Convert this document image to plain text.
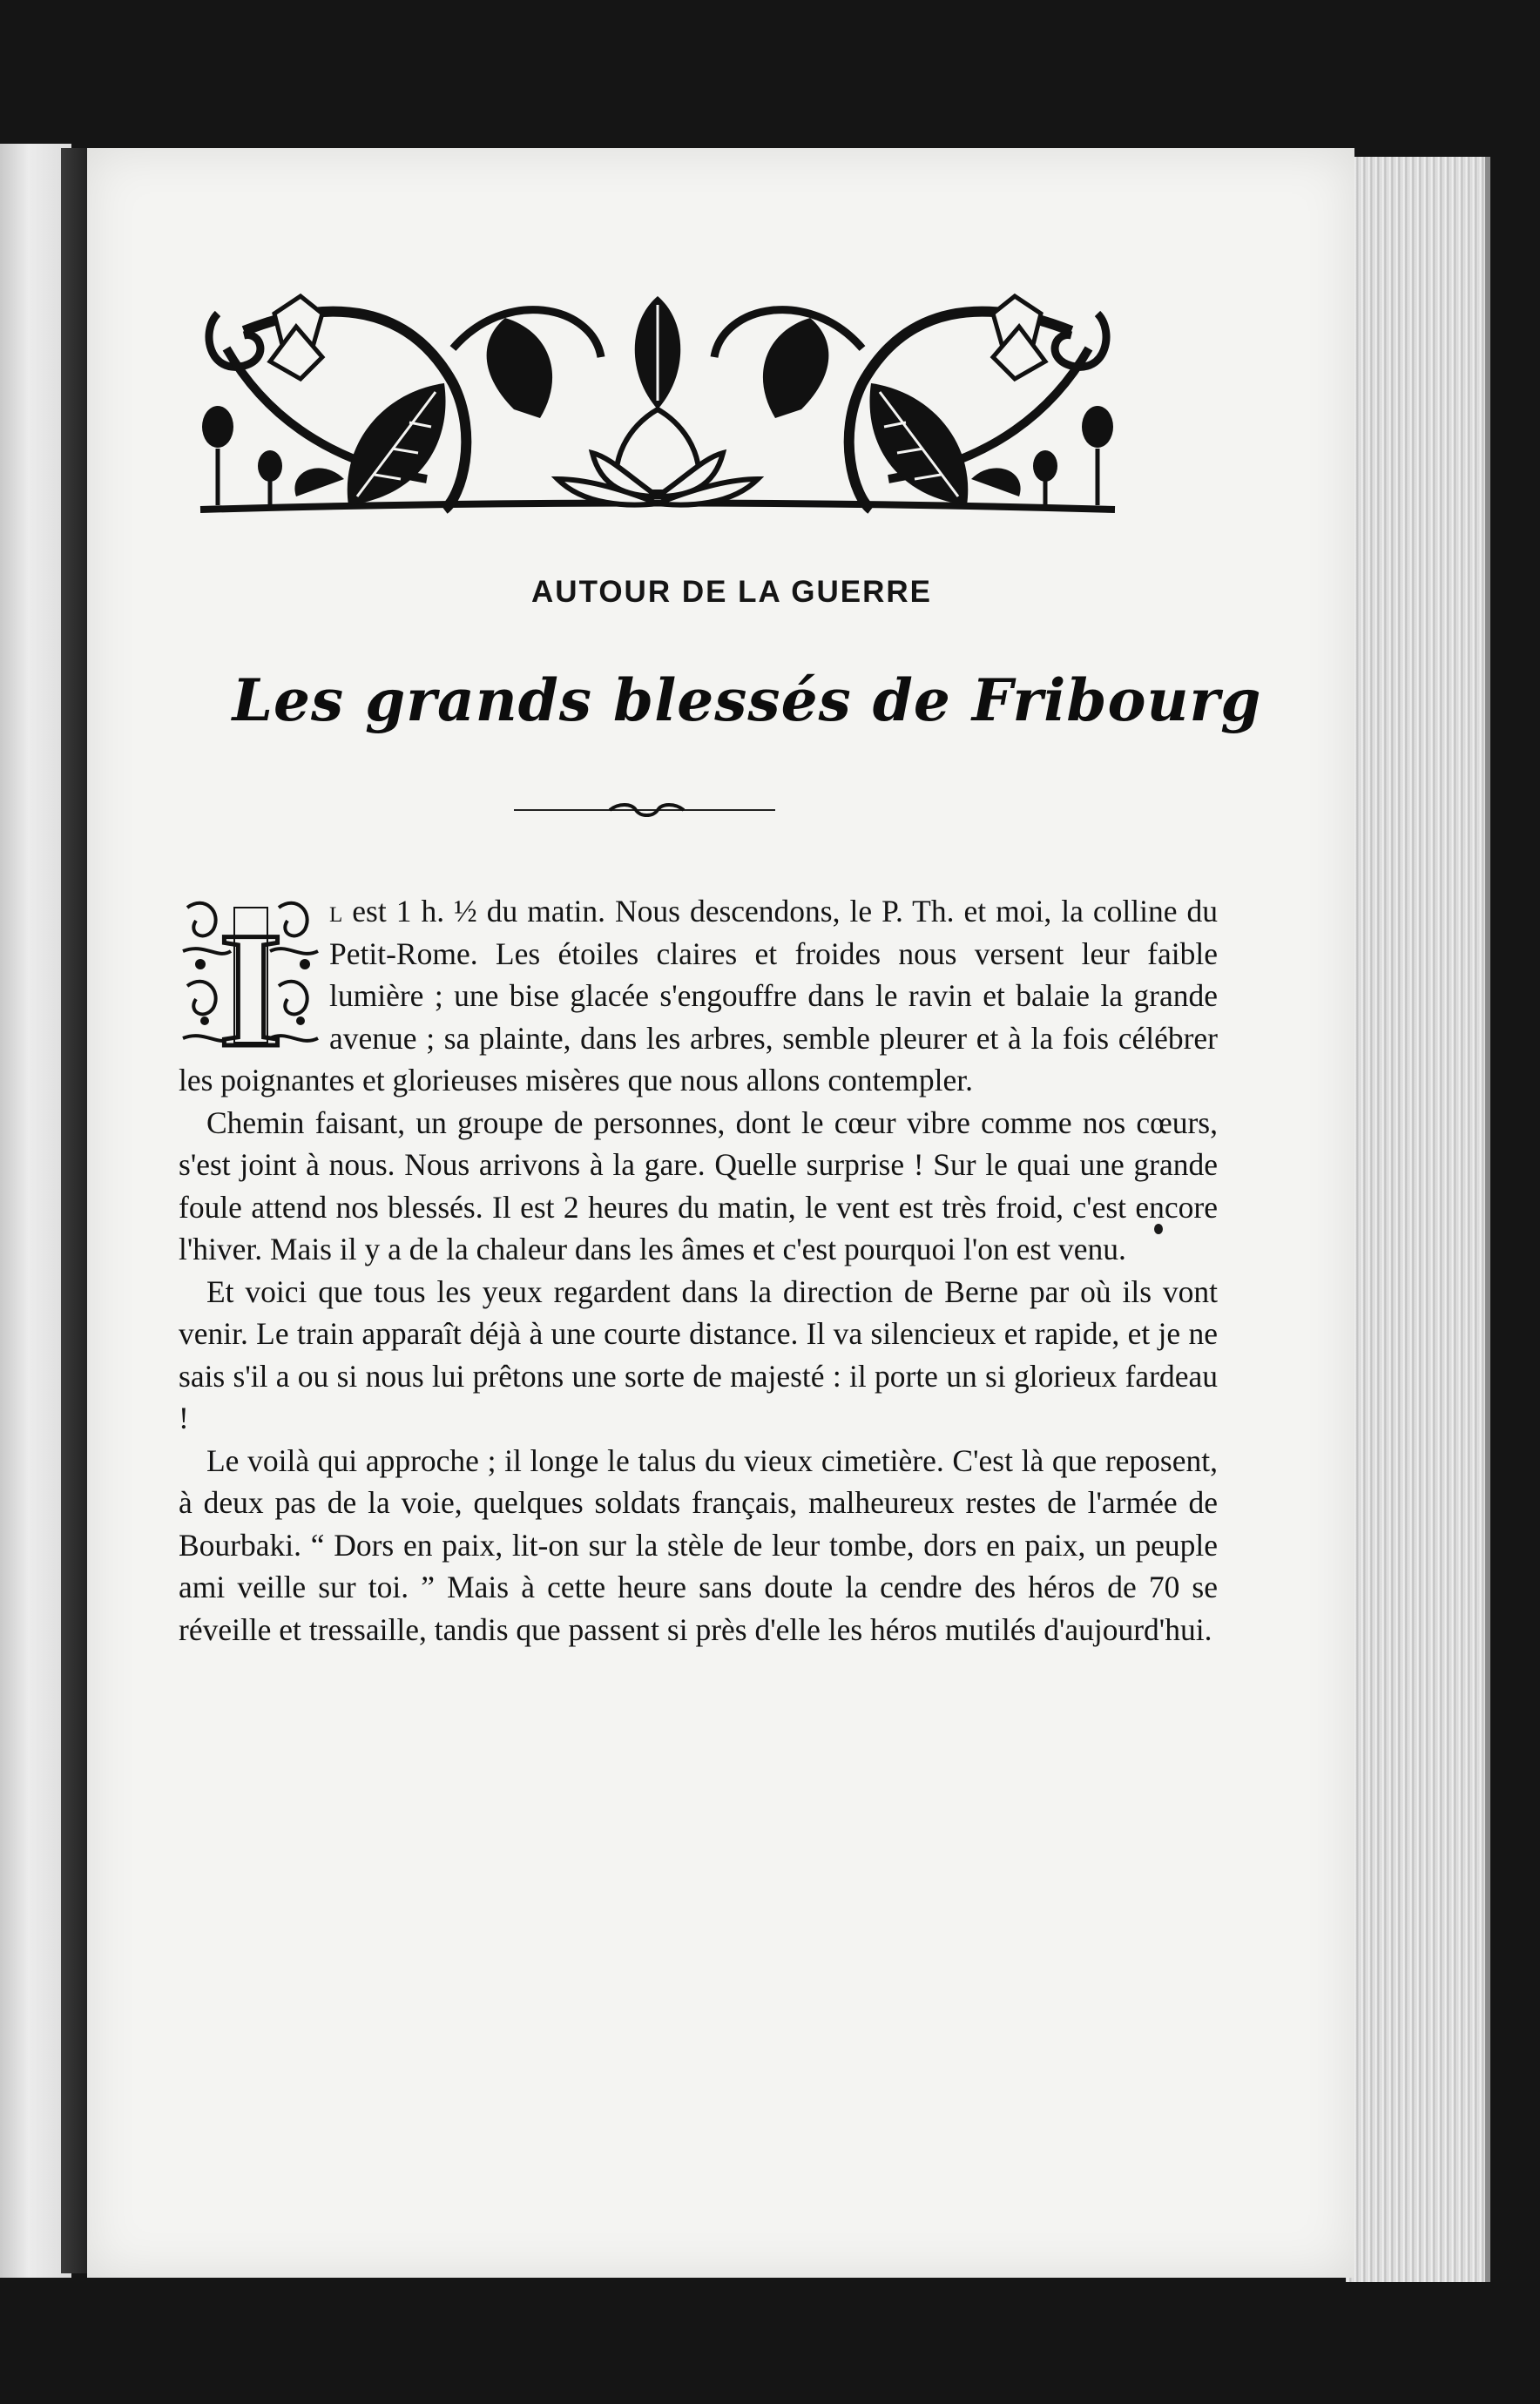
AUTOUR DE LA GUERRE
Les grands blessés de Fribourg
I	l est 1 h. ½ du matin. Nous descendons, le P. Th. et moi, la colline du Petit-Rome. Les étoiles claires et froides nous versent leur faible lumière ; une bise glacée s'engouffre dans le ravin et balaie la grande avenue ; sa plainte, dans les arbres, semble pleurer et à la fois célébrer les poignantes et glorieuses misères que nous allons contempler.

Chemin faisant, un groupe de personnes, dont le cœur vibre comme nos cœurs, s'est joint à nous. Nous arrivons à la gare. Quelle surprise ! Sur le quai une grande foule attend nos blessés. Il est 2 heures du matin, le vent est très froid, c'est encore l'hiver. Mais il y a de la chaleur dans les âmes et c'est pourquoi l'on est venu.

Et voici que tous les yeux regardent dans la direction de Berne par où ils vont venir. Le train apparaît déjà à une courte distance. Il va silencieux et rapide, et je ne sais s'il a ou si nous lui prêtons une sorte de majesté : il porte un si glorieux fardeau !

Le voilà qui approche ; il longe le talus du vieux cimetière. C'est là que reposent, à deux pas de la voie, quelques soldats français, malheureux restes de l'armée de Bourbaki. “ Dors en paix, lit-on sur la stèle de leur tombe, dors en paix, un peuple ami veille sur toi. ” Mais à cette heure sans doute la cendre des héros de 70 se réveille et tressaille, tandis que passent si près d'elle les héros mutilés d'aujourd'hui.
